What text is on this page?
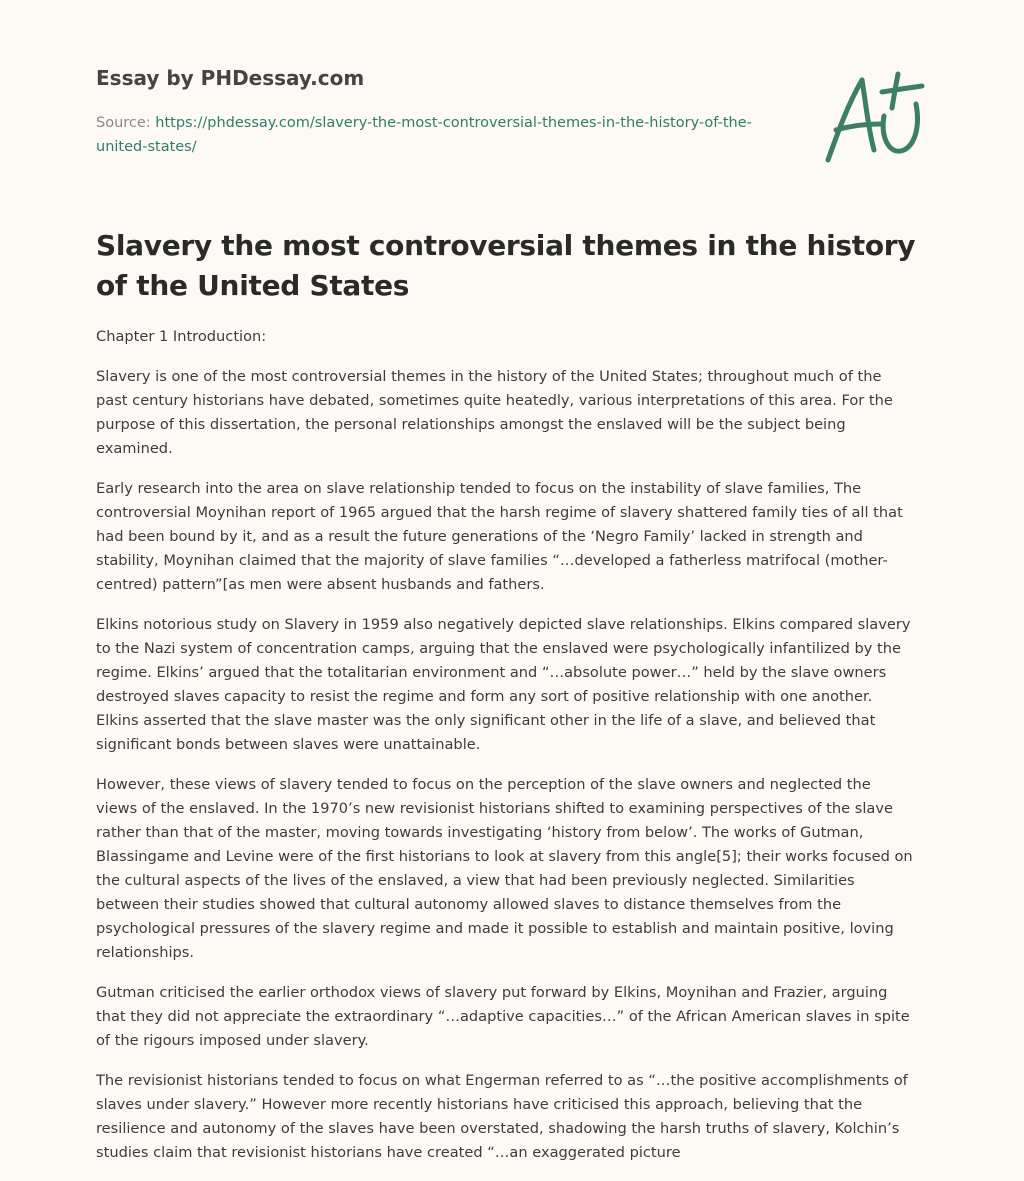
Essay by PHDessay.com
Source: https://phdessay.com/slavery-the-most-controversial-themes-in-the-history-of-the-united-states/
Slavery the most controversial themes in the history of the United States

Chapter 1 Introduction:

Slavery is one of the most controversial themes in the history of the United States; throughout much of the past century historians have debated, sometimes quite heatedly, various interpretations of this area. For the purpose of this dissertation, the personal relationships amongst the enslaved will be the subject being examined.

Early research into the area on slave relationship tended to focus on the instability of slave families, The controversial Moynihan report of 1965 argued that the harsh regime of slavery shattered family ties of all that had been bound by it, and as a result the future generations of the ‘Negro Family’ lacked in strength and stability, Moynihan claimed that the majority of slave families “…developed a fatherless matrifocal (mother-centred) pattern”[as men were absent husbands and fathers.

Elkins notorious study on Slavery in 1959 also negatively depicted slave relationships. Elkins compared slavery to the Nazi system of concentration camps, arguing that the enslaved were psychologically infantilized by the regime. Elkins’ argued that the totalitarian environment and “…absolute power…” held by the slave owners destroyed slaves capacity to resist the regime and form any sort of positive relationship with one another. Elkins asserted that the slave master was the only significant other in the life of a slave, and believed that significant bonds between slaves were unattainable.

However, these views of slavery tended to focus on the perception of the slave owners and neglected the views of the enslaved. In the 1970’s new revisionist historians shifted to examining perspectives of the slave rather than that of the master, moving towards investigating ‘history from below’. The works of Gutman, Blassingame and Levine were of the first historians to look at slavery from this angle[5]; their works focused on the cultural aspects of the lives of the enslaved, a view that had been previously neglected. Similarities between their studies showed that cultural autonomy allowed slaves to distance themselves from the psychological pressures of the slavery regime and made it possible to establish and maintain positive, loving relationships.

Gutman criticised the earlier orthodox views of slavery put forward by Elkins, Moynihan and Frazier, arguing that they did not appreciate the extraordinary “…adaptive capacities…” of the African American slaves in spite of the rigours imposed under slavery.

The revisionist historians tended to focus on what Engerman referred to as “…the positive accomplishments of slaves under slavery.” However more recently historians have criticised this approach, believing that the resilience and autonomy of the slaves have been overstated, shadowing the harsh truths of slavery, Kolchin’s studies claim that revisionist historians have created “…an exaggerated picture
